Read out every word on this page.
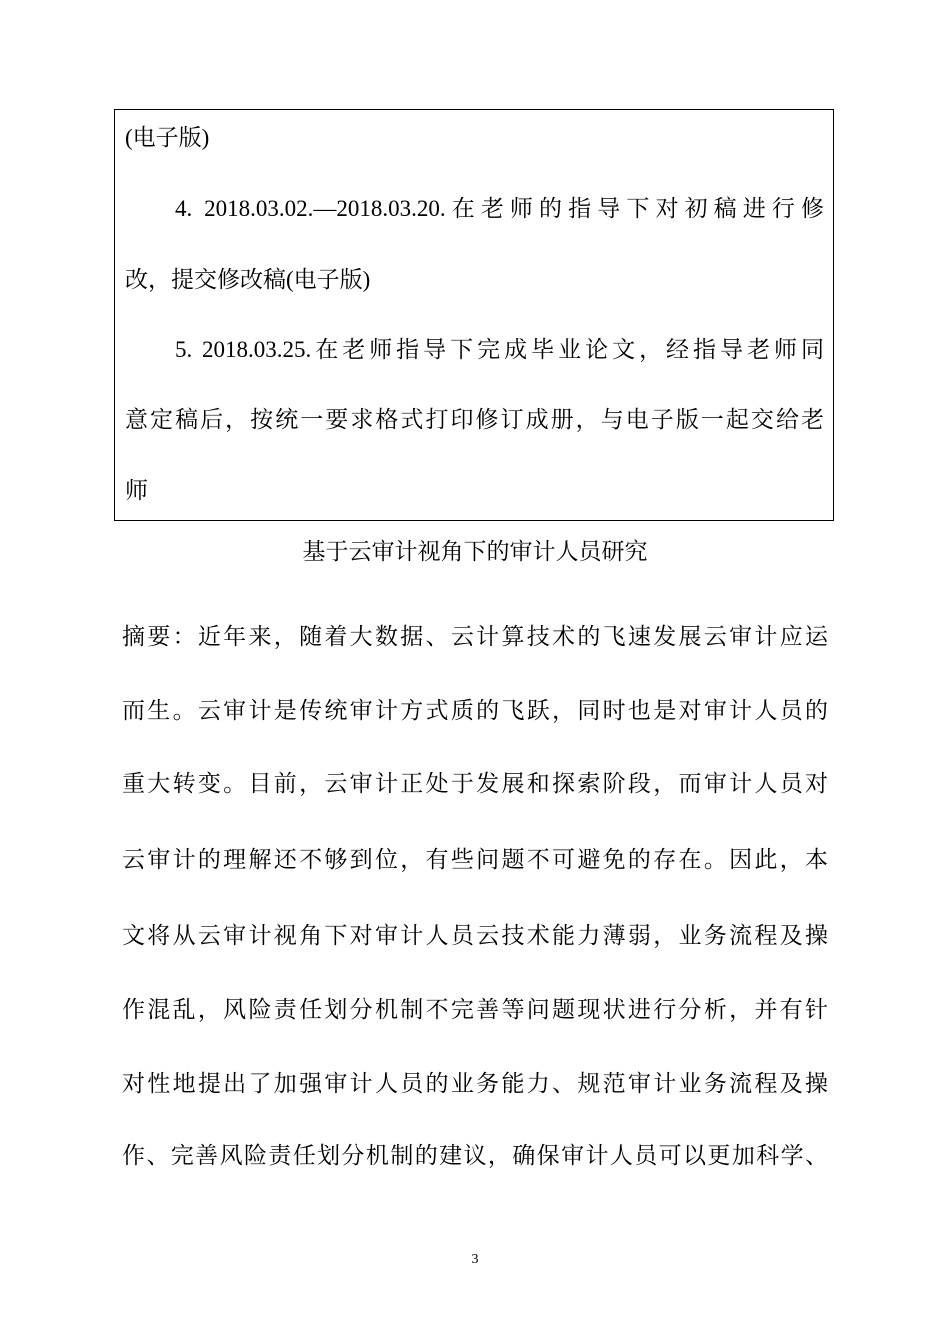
(电子版)
4. 2018.03.02.—2018.03.20.在老师的指导下对初稿进行修
改，提交修改稿(电子版)
5. 2018.03.25.在老师指导下完成毕业论文，经指导老师同
意定稿后，按统一要求格式打印修订成册，与电子版一起交给老
师
基于云审计视角下的审计人员研究
摘要：近年来，随着大数据、云计算技术的飞速发展云审计应运
而生。云审计是传统审计方式质的飞跃，同时也是对审计人员的
重大转变。目前，云审计正处于发展和探索阶段，而审计人员对
云审计的理解还不够到位，有些问题不可避免的存在。因此，本
文将从云审计视角下对审计人员云技术能力薄弱，业务流程及操
作混乱，风险责任划分机制不完善等问题现状进行分析，并有针
对性地提出了加强审计人员的业务能力、规范审计业务流程及操
作、完善风险责任划分机制的建议，确保审计人员可以更加科学、
3
